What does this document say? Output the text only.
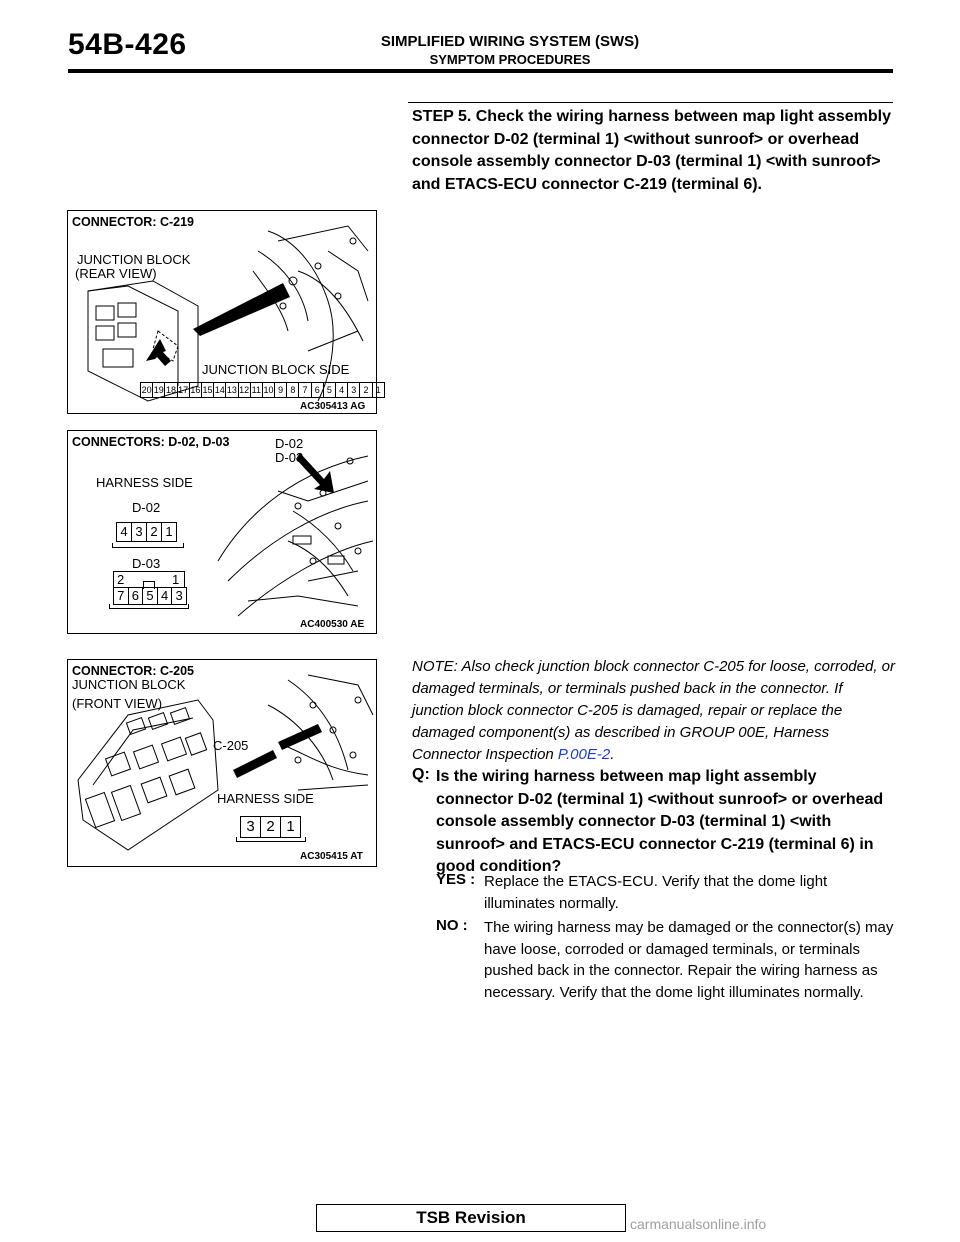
54B-426	SIMPLIFIED WIRING SYSTEM (SWS)
SYMPTOM PROCEDURES
STEP 5. Check the wiring harness between map light assembly connector D-02 (terminal 1) <without sunroof> or overhead console assembly connector D-03 (terminal 1) <with sunroof> and ETACS-ECU connector C-219 (terminal 6).
CONNECTOR: C-219
JUNCTION BLOCK
(REAR VIEW)
JUNCTION BLOCK SIDE
20 19 18 17 16 15 14 13 12 11 10 9 8 7 6 5 4 3 2 1
AC305413 AG
CONNECTORS: D-02, D-03	D-02
D-03
HARNESS SIDE
D-02
4 3 2 1
D-03
2	1
7 6 5 4 3
AC400530 AE
CONNECTOR: C-205
JUNCTION BLOCK
(FRONT VIEW)
C-205
HARNESS SIDE
3 2 1
AC305415 AT
NOTE: Also check junction block connector C-205 for loose, corroded, or damaged terminals, or terminals pushed back in the connector. If junction block connector C-205 is damaged, repair or replace the damaged component(s) as described in GROUP 00E, Harness Connector Inspection P.00E-2.
Q: Is the wiring harness between map light assembly connector D-02 (terminal 1) <without sunroof> or overhead console assembly connector D-03 (terminal 1) <with sunroof> and ETACS-ECU connector C-219 (terminal 6) in good condition?
YES : Replace the ETACS-ECU. Verify that the dome light illuminates normally.
NO : The wiring harness may be damaged or the connector(s) may have loose, corroded or damaged terminals, or terminals pushed back in the connector. Repair the wiring harness as necessary. Verify that the dome light illuminates normally.
TSB Revision	carmanualsonline.info
